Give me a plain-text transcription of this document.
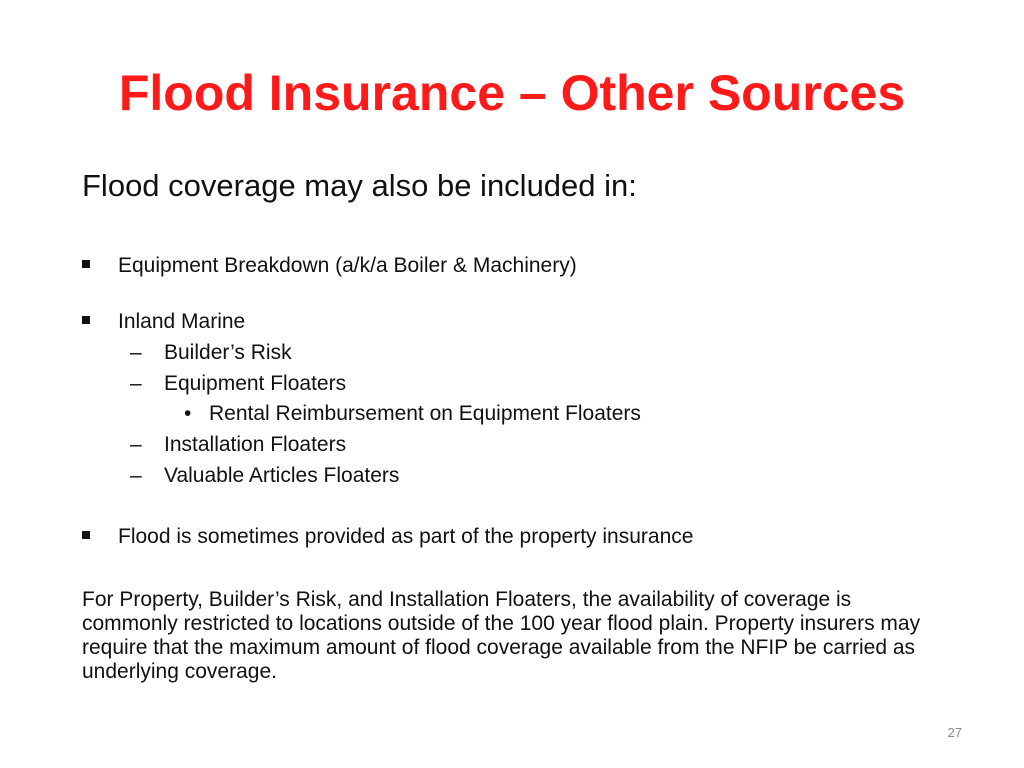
Flood Insurance – Other Sources

Flood coverage may also be included in:

Equipment Breakdown (a/k/a Boiler & Machinery)
Inland Marine
– Builder’s Risk
– Equipment Floaters
• Rental Reimbursement on Equipment Floaters
– Installation Floaters
– Valuable Articles Floaters
Flood is sometimes provided as part of the property insurance

For Property, Builder’s Risk, and Installation Floaters, the availability of coverage is commonly restricted to locations outside of the 100 year flood plain. Property insurers may require that the maximum amount of flood coverage available from the NFIP be carried as underlying coverage.

27
